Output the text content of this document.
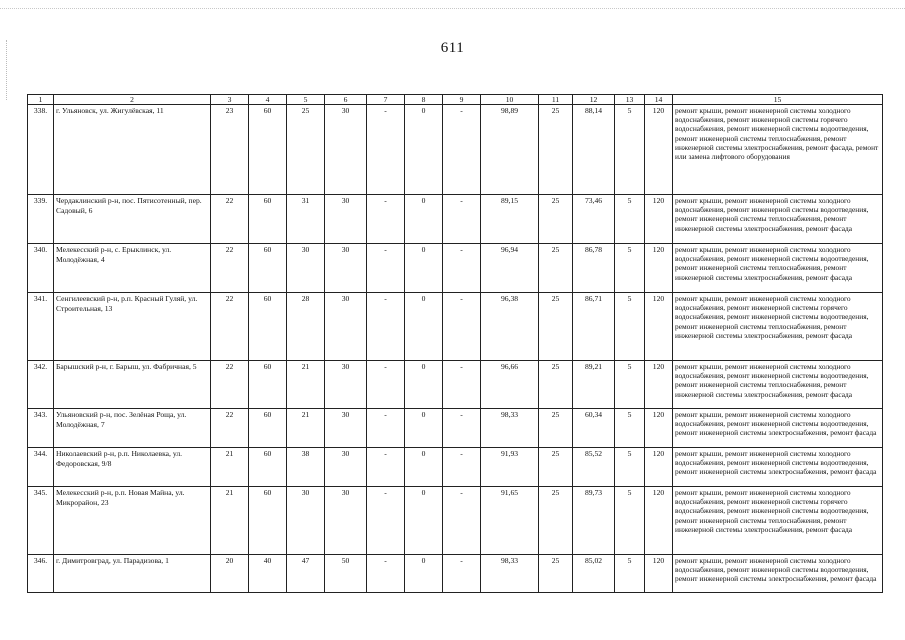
611
1	2	3	4	5	6	7	8	9	10	11	12	13	14	15
338.	г. Ульяновск, ул. Жигулёвская, 11	23	60	25	30	-	0	-	98,89	25	88,14	5	120	ремонт крыши, ремонт инженерной системы холодного водоснабжения, ремонт инженерной системы горячего водоснабжения, ремонт инженерной системы водоотведения, ремонт инженерной системы теплоснабжения, ремонт инженерной системы электроснабжения, ремонт фасада, ремонт или замена лифтового оборудования
339.	Чердаклинский р-н, пос. Пятисотенный, пер. Садовый, 6	22	60	31	30	-	0	-	89,15	25	73,46	5	120	ремонт крыши, ремонт инженерной системы холодного водоснабжения, ремонт инженерной системы водоотведения, ремонт инженерной системы теплоснабжения, ремонт инженерной системы электроснабжения, ремонт фасада
340.	Мелекесский р-н, с. Ерыклинск, ул. Молодёжная, 4	22	60	30	30	-	0	-	96,94	25	86,78	5	120	ремонт крыши, ремонт инженерной системы холодного водоснабжения, ремонт инженерной системы водоотведения, ремонт инженерной системы теплоснабжения, ремонт инженерной системы электроснабжения, ремонт фасада
341.	Сенгилеевский р-н, р.п. Красный Гуляй, ул. Строительная, 13	22	60	28	30	-	0	-	96,38	25	86,71	5	120	ремонт крыши, ремонт инженерной системы холодного водоснабжения, ремонт инженерной системы горячего водоснабжения, ремонт инженерной системы водоотведения, ремонт инженерной системы теплоснабжения, ремонт инженерной системы электроснабжения, ремонт фасада
342.	Барышский р-н, г. Барыш, ул. Фабричная, 5	22	60	21	30	-	0	-	96,66	25	89,21	5	120	ремонт крыши, ремонт инженерной системы холодного водоснабжения, ремонт инженерной системы водоотведения, ремонт инженерной системы теплоснабжения, ремонт инженерной системы электроснабжения, ремонт фасада
343.	Ульяновский р-н, пос. Зелёная Роща, ул. Молодёжная, 7	22	60	21	30	-	0	-	98,33	25	60,34	5	120	ремонт крыши, ремонт инженерной системы холодного водоснабжения, ремонт инженерной системы водоотведения, ремонт инженерной системы электроснабжения, ремонт фасада
344.	Николаевский р-н, р.п. Николаевка, ул. Федоровская, 9/8	21	60	38	30	-	0	-	91,93	25	85,52	5	120	ремонт крыши, ремонт инженерной системы холодного водоснабжения, ремонт инженерной системы водоотведения, ремонт инженерной системы электроснабжения, ремонт фасада
345.	Мелекесский р-н, р.п. Новая Майна, ул. Микрорайон, 23	21	60	30	30	-	0	-	91,65	25	89,73	5	120	ремонт крыши, ремонт инженерной системы холодного водоснабжения, ремонт инженерной системы горячего водоснабжения, ремонт инженерной системы водоотведения, ремонт инженерной системы теплоснабжения, ремонт инженерной системы электроснабжения, ремонт фасада
346.	г. Димитровград, ул. Парадизова, 1	20	40	47	50	-	0	-	98,33	25	85,02	5	120	ремонт крыши, ремонт инженерной системы холодного водоснабжения, ремонт инженерной системы водоотведения, ремонт инженерной системы электроснабжения, ремонт фасада
